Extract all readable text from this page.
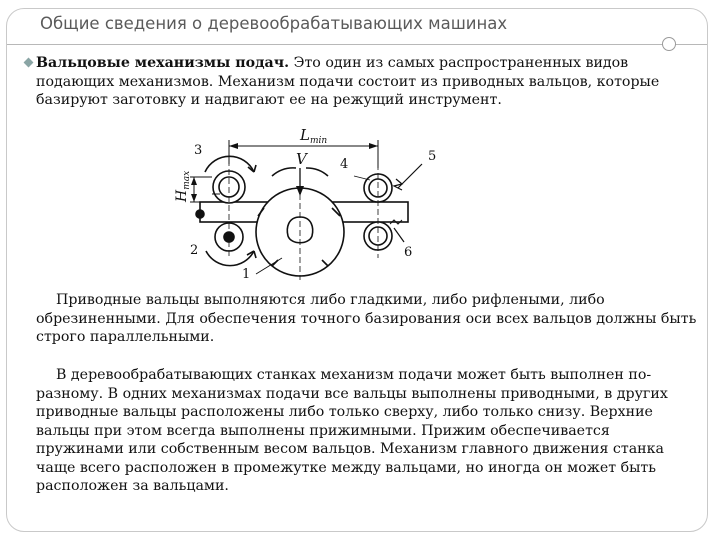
Общие сведения о деревообрабатывающих машинах

Вальцовые механизмы подач. Это один из самых распространенных видов подающих механизмов. Механизм подачи состоит из приводных вальцов, которые базируют заготовку и надвигают ее на режущий инструмент.

$L_{min}$
$H_{max}$
V
1
2
3
4
5
6

Приводные вальцы выполняются либо гладкими, либо рифлеными, либо обрезиненными. Для обеспечения точного базирования оси всех вальцов должны быть строго параллельными.

В деревообрабатывающих станках механизм подачи может быть выполнен по-разному. В одних механизмах подачи все вальцы выполнены приводными, в других приводные вальцы расположены либо только сверху, либо только снизу. Верхние вальцы при этом всегда выполнены прижимными. Прижим обеспечивается пружинами или собственным весом вальцов. Механизм главного движения станка чаще всего расположен в промежутке между вальцами, но иногда он может быть расположен за вальцами.
